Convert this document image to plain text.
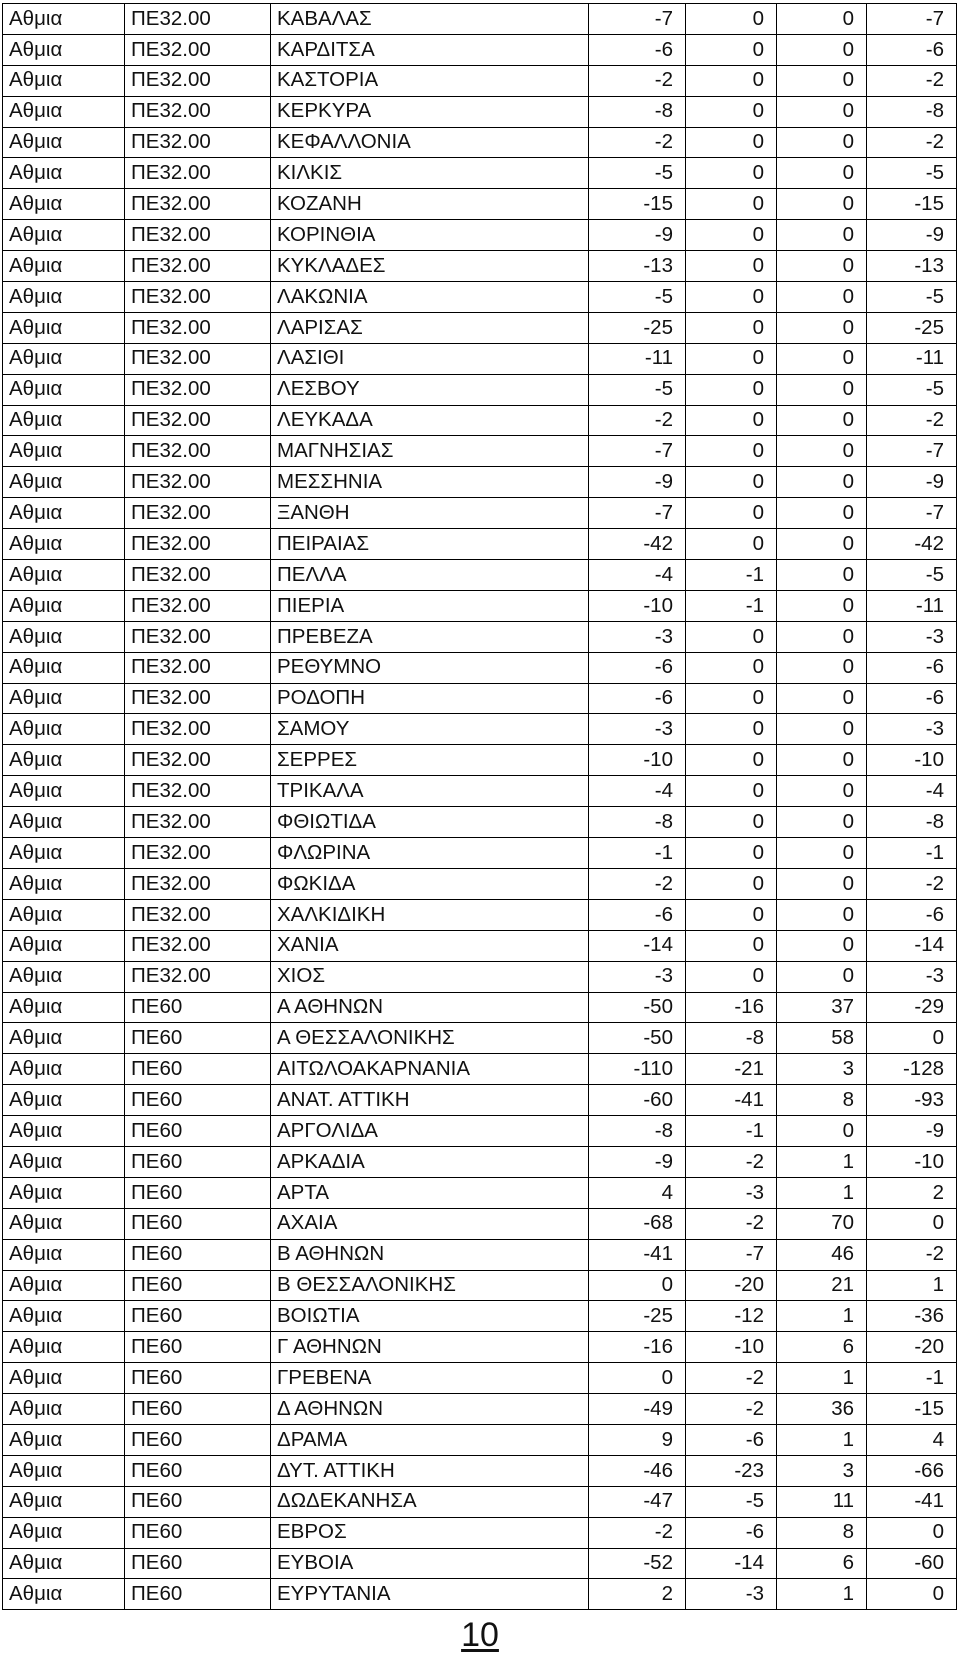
Αθμια	ΠΕ32.00	ΚΑΒΑΛΑΣ	-7	0	0	-7
Αθμια	ΠΕ32.00	ΚΑΡΔΙΤΣΑ	-6	0	0	-6
Αθμια	ΠΕ32.00	ΚΑΣΤΟΡΙΑ	-2	0	0	-2
Αθμια	ΠΕ32.00	ΚΕΡΚΥΡΑ	-8	0	0	-8
Αθμια	ΠΕ32.00	ΚΕΦΑΛΛΟΝΙΑ	-2	0	0	-2
Αθμια	ΠΕ32.00	ΚΙΛΚΙΣ	-5	0	0	-5
Αθμια	ΠΕ32.00	ΚΟΖΑΝΗ	-15	0	0	-15
Αθμια	ΠΕ32.00	ΚΟΡΙΝΘΙΑ	-9	0	0	-9
Αθμια	ΠΕ32.00	ΚΥΚΛΑΔΕΣ	-13	0	0	-13
Αθμια	ΠΕ32.00	ΛΑΚΩΝΙΑ	-5	0	0	-5
Αθμια	ΠΕ32.00	ΛΑΡΙΣΑΣ	-25	0	0	-25
Αθμια	ΠΕ32.00	ΛΑΣΙΘΙ	-11	0	0	-11
Αθμια	ΠΕ32.00	ΛΕΣΒΟΥ	-5	0	0	-5
Αθμια	ΠΕ32.00	ΛΕΥΚΑΔΑ	-2	0	0	-2
Αθμια	ΠΕ32.00	ΜΑΓΝΗΣΙΑΣ	-7	0	0	-7
Αθμια	ΠΕ32.00	ΜΕΣΣΗΝΙΑ	-9	0	0	-9
Αθμια	ΠΕ32.00	ΞΑΝΘΗ	-7	0	0	-7
Αθμια	ΠΕ32.00	ΠΕΙΡΑΙΑΣ	-42	0	0	-42
Αθμια	ΠΕ32.00	ΠΕΛΛΑ	-4	-1	0	-5
Αθμια	ΠΕ32.00	ΠΙΕΡΙΑ	-10	-1	0	-11
Αθμια	ΠΕ32.00	ΠΡΕΒΕΖΑ	-3	0	0	-3
Αθμια	ΠΕ32.00	ΡΕΘΥΜΝΟ	-6	0	0	-6
Αθμια	ΠΕ32.00	ΡΟΔΟΠΗ	-6	0	0	-6
Αθμια	ΠΕ32.00	ΣΑΜΟΥ	-3	0	0	-3
Αθμια	ΠΕ32.00	ΣΕΡΡΕΣ	-10	0	0	-10
Αθμια	ΠΕ32.00	ΤΡΙΚΑΛΑ	-4	0	0	-4
Αθμια	ΠΕ32.00	ΦΘΙΩΤΙΔΑ	-8	0	0	-8
Αθμια	ΠΕ32.00	ΦΛΩΡΙΝΑ	-1	0	0	-1
Αθμια	ΠΕ32.00	ΦΩΚΙΔΑ	-2	0	0	-2
Αθμια	ΠΕ32.00	ΧΑΛΚΙΔΙΚΗ	-6	0	0	-6
Αθμια	ΠΕ32.00	ΧΑΝΙΑ	-14	0	0	-14
Αθμια	ΠΕ32.00	ΧΙΟΣ	-3	0	0	-3
Αθμια	ΠΕ60	Α ΑΘΗΝΩΝ	-50	-16	37	-29
Αθμια	ΠΕ60	Α ΘΕΣΣΑΛΟΝΙΚΗΣ	-50	-8	58	0
Αθμια	ΠΕ60	ΑΙΤΩΛΟΑΚΑΡΝΑΝΙΑ	-110	-21	3	-128
Αθμια	ΠΕ60	ΑΝΑΤ. ΑΤΤΙΚΗ	-60	-41	8	-93
Αθμια	ΠΕ60	ΑΡΓΟΛΙΔΑ	-8	-1	0	-9
Αθμια	ΠΕ60	ΑΡΚΑΔΙΑ	-9	-2	1	-10
Αθμια	ΠΕ60	ΑΡΤΑ	4	-3	1	2
Αθμια	ΠΕ60	ΑΧΑΙΑ	-68	-2	70	0
Αθμια	ΠΕ60	Β ΑΘΗΝΩΝ	-41	-7	46	-2
Αθμια	ΠΕ60	Β ΘΕΣΣΑΛΟΝΙΚΗΣ	0	-20	21	1
Αθμια	ΠΕ60	ΒΟΙΩΤΙΑ	-25	-12	1	-36
Αθμια	ΠΕ60	Γ ΑΘΗΝΩΝ	-16	-10	6	-20
Αθμια	ΠΕ60	ΓΡΕΒΕΝΑ	0	-2	1	-1
Αθμια	ΠΕ60	Δ ΑΘΗΝΩΝ	-49	-2	36	-15
Αθμια	ΠΕ60	ΔΡΑΜΑ	9	-6	1	4
Αθμια	ΠΕ60	ΔΥΤ. ΑΤΤΙΚΗ	-46	-23	3	-66
Αθμια	ΠΕ60	ΔΩΔΕΚΑΝΗΣΑ	-47	-5	11	-41
Αθμια	ΠΕ60	ΕΒΡΟΣ	-2	-6	8	0
Αθμια	ΠΕ60	ΕΥΒΟΙΑ	-52	-14	6	-60
Αθμια	ΠΕ60	ΕΥΡΥΤΑΝΙΑ	2	-3	1	0
10
